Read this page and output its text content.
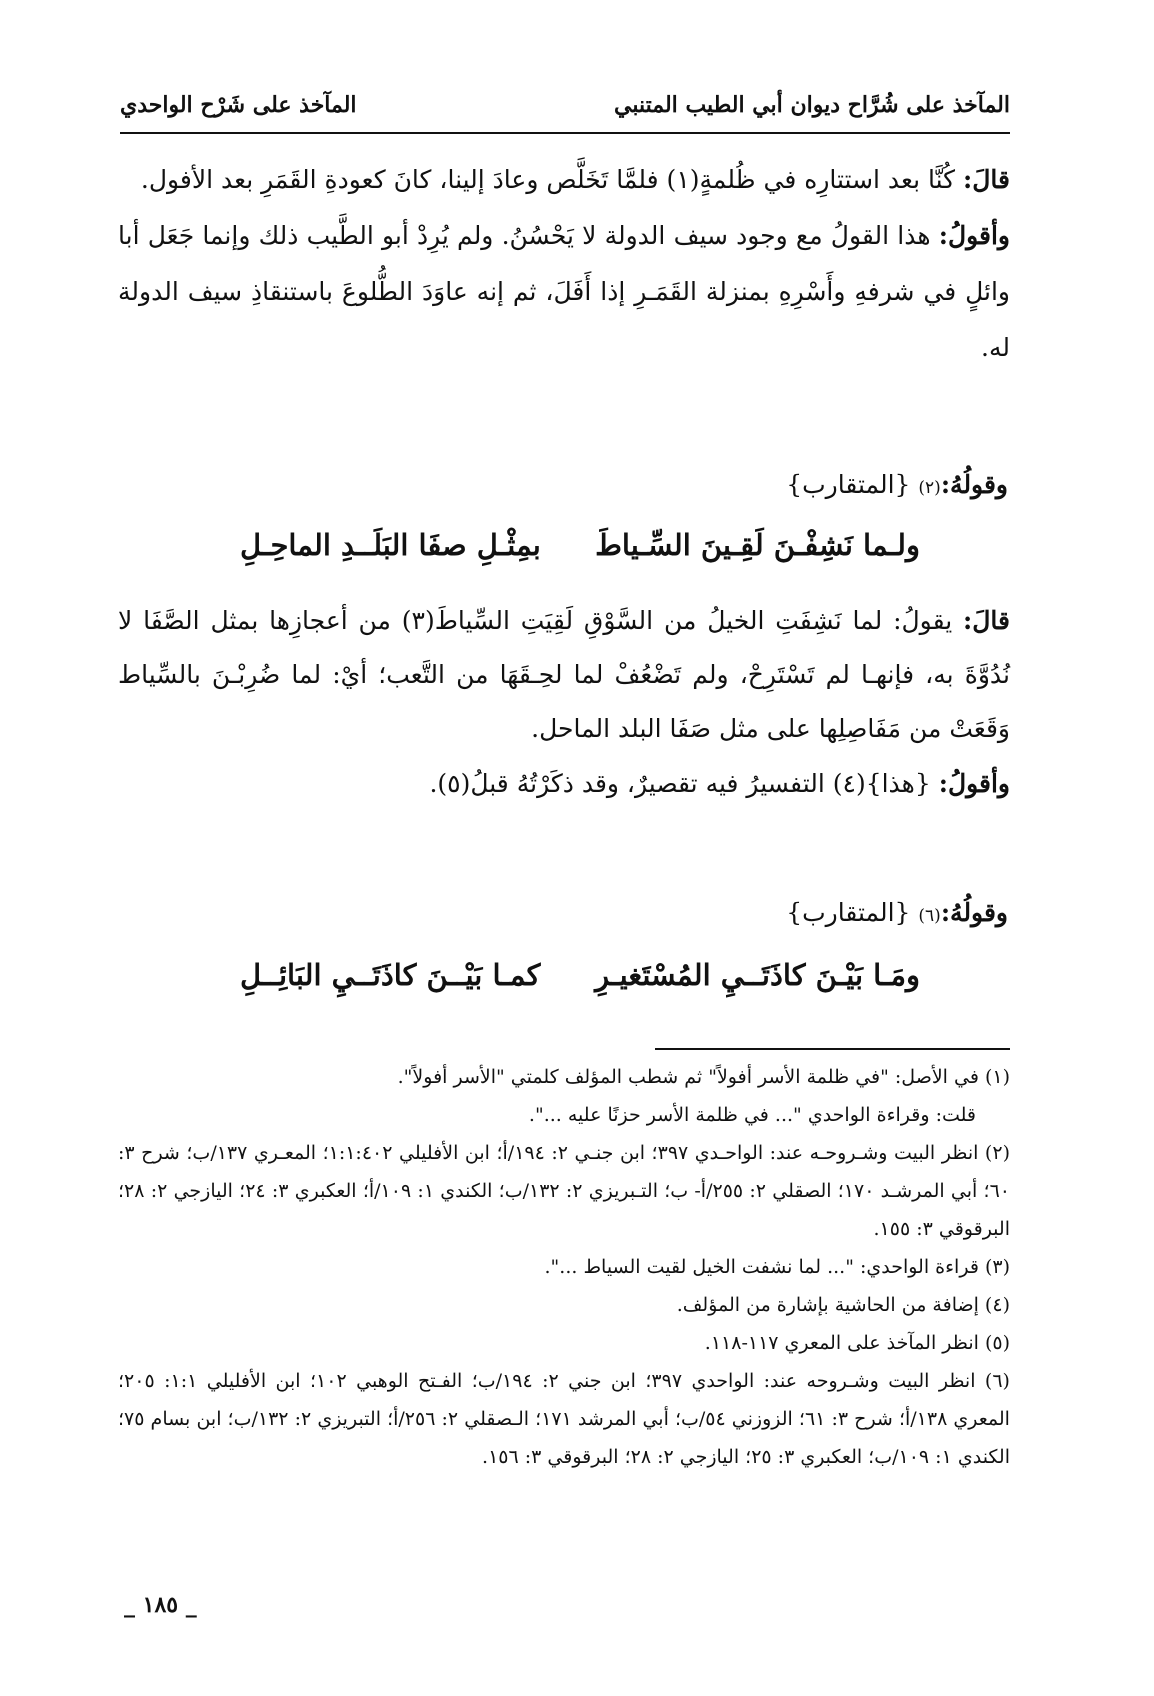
المآخذ على شُرَّاح ديوان أبي الطيب المتنبي
المآخذ على شَرْح الواحدي
قالَ: كُنَّا بعد استتارِه في ظُلمةٍ(١) فلمَّا تَخَلَّص وعادَ إلينا، كانَ كعودةِ القَمَرِ بعد الأفول.
وأقولُ: هذا القولُ مع وجود سيف الدولة لا يَحْسُنُ. ولم يُرِدْ أبو الطَّيب ذلك وإنما جَعَل أبا وائلٍ في شرفهِ وأَسْرِهِ بمنزلة القَمَـرِ إذا أَفَلَ، ثم إنه عاوَدَ الطُّلوعَ باستنقاذِ سيف الدولة له.
وقولُهُ:(٢) {المتقارب}
ولـما نَشِفْـنَ لَقِـينَ السِّـياطَ
بمِثْـلِ صفَا البَلَــدِ الماحِـلِ
قالَ: يقولُ: لما نَشِفَتِ الخيلُ من السَّوْقِ لَقِيَتِ السِّياطَ(٣) من أعجازِها بمثل الصَّفَا لا نُدُوَّةَ به، فإنهـا لم تَسْتَرِحْ، ولم تَضْعُفْ لما لحِـقَهَا من التَّعب؛ أيْ: لما ضُرِبْـنَ بالسِّياط وَقَعَتْ من مَفَاصِلِها على مثل صَفَا البلد الماحل.
وأقولُ: {هذا}(٤) التفسيرُ فيه تقصيرٌ، وقد ذكَرْتُهُ قبلُ(٥).
وقولُهُ:(٦) {المتقارب}
ومَـا بَيْـنَ كاذَتَــيِ المُسْتَغيـرِ
كمـا بَيْــنَ كاذَتَــيِ البَائِــلِ
(١) في الأصل: "في ظلمة الأسر أفولاً" ثم شطب المؤلف كلمتي "الأسر أفولاً".
قلت: وقراءة الواحدي "... في ظلمة الأسر حزنًا عليه ...".
(٢) انظر البيت وشـروحـه عند: الواحـدي ٣٩٧؛ ابن جنـي ٢: ١٩٤/أ؛ ابن الأفليلي ١:١:٤٠٢؛ المعـري ١٣٧/ب؛ شرح ٣: ٦٠؛ أبي المرشـد ١٧٠؛ الصقلي ٢: ٢٥٥/أ- ب؛ التـبريزي ٢: ١٣٢/ب؛ الكندي ١: ١٠٩/أ؛ العكبري ٣: ٢٤؛ اليازجي ٢: ٢٨؛ البرقوقي ٣: ١٥٥.
(٣) قراءة الواحدي: "... لما نشفت الخيل لقيت السياط ...".
(٤) إضافة من الحاشية بإشارة من المؤلف.
(٥) انظر المآخذ على المعري ١١٧-١١٨.
(٦) انظر البيت وشـروحه عند: الواحدي ٣٩٧؛ ابن جني ٢: ١٩٤/ب؛ الفـتح الوهبي ١٠٢؛ ابن الأفليلي ١:١: ٢٠٥؛ المعري ١٣٨/أ؛ شرح ٣: ٦١؛ الزوزني ٥٤/ب؛ أبي المرشد ١٧١؛ الـصقلي ٢: ٢٥٦/أ؛ التبريزي ٢: ١٣٢/ب؛ ابن بسام ٧٥؛ الكندي ١: ١٠٩/ب؛ العكبري ٣: ٢٥؛ اليازجي ٢: ٢٨؛ البرقوقي ٣: ١٥٦.
_ ١٨٥ _
